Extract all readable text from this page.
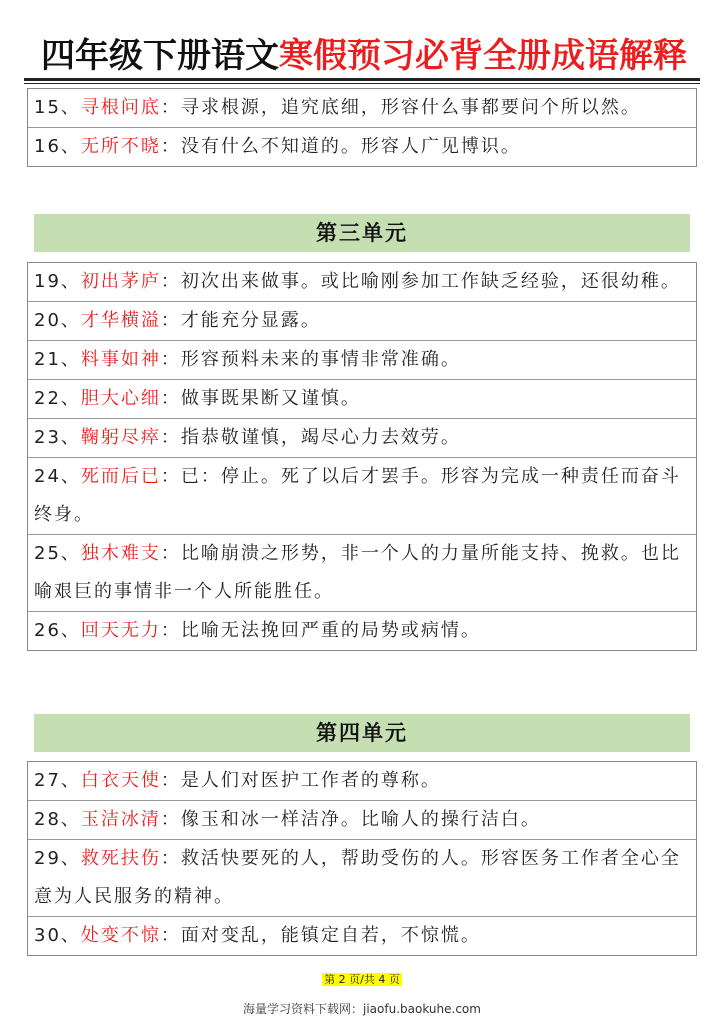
四年级下册语文寒假预习必背全册成语解释
15、寻根问底：寻求根源，追究底细，形容什么事都要问个所以然。
16、无所不晓：没有什么不知道的。形容人广见博识。
第三单元
19、初出茅庐：初次出来做事。或比喻刚参加工作缺乏经验，还很幼稚。
20、才华横溢：才能充分显露。
21、料事如神：形容预料未来的事情非常准确。
22、胆大心细：做事既果断又谨慎。
23、鞠躬尽瘁：指恭敬谨慎，竭尽心力去效劳。
24、死而后已：已：停止。死了以后才罢手。形容为完成一种责任而奋斗终身。
25、独木难支：比喻崩溃之形势，非一个人的力量所能支持、挽救。也比喻艰巨的事情非一个人所能胜任。
26、回天无力：比喻无法挽回严重的局势或病情。
第四单元
27、白衣天使：是人们对医护工作者的尊称。
28、玉洁冰清：像玉和冰一样洁净。比喻人的操行洁白。
29、救死扶伤：救活快要死的人，帮助受伤的人。形容医务工作者全心全意为人民服务的精神。
30、处变不惊：面对变乱，能镇定自若，不惊慌。
第 2 页/共 4 页
海量学习资料下载网：jiaofu.baokuhe.com
